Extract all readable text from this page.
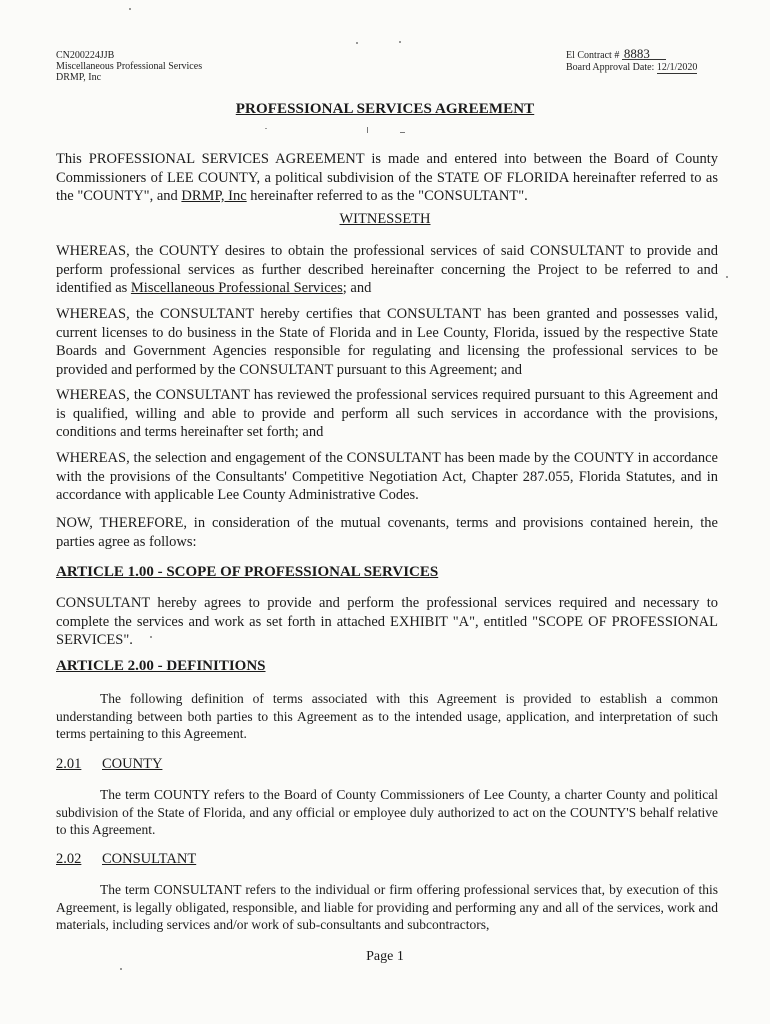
CN200224JJB
Miscellaneous Professional Services
DRMP, Inc
El Contract # 8883
Board Approval Date: 12/1/2020
PROFESSIONAL SERVICES AGREEMENT

This PROFESSIONAL SERVICES AGREEMENT is made and entered into between the Board of County Commissioners of LEE COUNTY, a political subdivision of the STATE OF FLORIDA hereinafter referred to as the "COUNTY", and DRMP, Inc hereinafter referred to as the "CONSULTANT".

WITNESSETH

WHEREAS, the COUNTY desires to obtain the professional services of said CONSULTANT to provide and perform professional services as further described hereinafter concerning the Project to be referred to and identified as Miscellaneous Professional Services; and

WHEREAS, the CONSULTANT hereby certifies that CONSULTANT has been granted and possesses valid, current licenses to do business in the State of Florida and in Lee County, Florida, issued by the respective State Boards and Government Agencies responsible for regulating and licensing the professional services to be provided and performed by the CONSULTANT pursuant to this Agreement; and

WHEREAS, the CONSULTANT has reviewed the professional services required pursuant to this Agreement and is qualified, willing and able to provide and perform all such services in accordance with the provisions, conditions and terms hereinafter set forth; and

WHEREAS, the selection and engagement of the CONSULTANT has been made by the COUNTY in accordance with the provisions of the Consultants' Competitive Negotiation Act, Chapter 287.055, Florida Statutes, and in accordance with applicable Lee County Administrative Codes.

NOW, THEREFORE, in consideration of the mutual covenants, terms and provisions contained herein, the parties agree as follows:

ARTICLE 1.00 - SCOPE OF PROFESSIONAL SERVICES

CONSULTANT hereby agrees to provide and perform the professional services required and necessary to complete the services and work as set forth in attached EXHIBIT "A", entitled "SCOPE OF PROFESSIONAL SERVICES".

ARTICLE 2.00 - DEFINITIONS

The following definition of terms associated with this Agreement is provided to establish a common understanding between both parties to this Agreement as to the intended usage, application, and interpretation of such terms pertaining to this Agreement.

2.01 COUNTY

The term COUNTY refers to the Board of County Commissioners of Lee County, a charter County and political subdivision of the State of Florida, and any official or employee duly authorized to act on the COUNTY'S behalf relative to this Agreement.

2.02 CONSULTANT

The term CONSULTANT refers to the individual or firm offering professional services that, by execution of this Agreement, is legally obligated, responsible, and liable for providing and performing any and all of the services, work and materials, including services and/or work of sub-consultants and subcontractors,

Page 1
